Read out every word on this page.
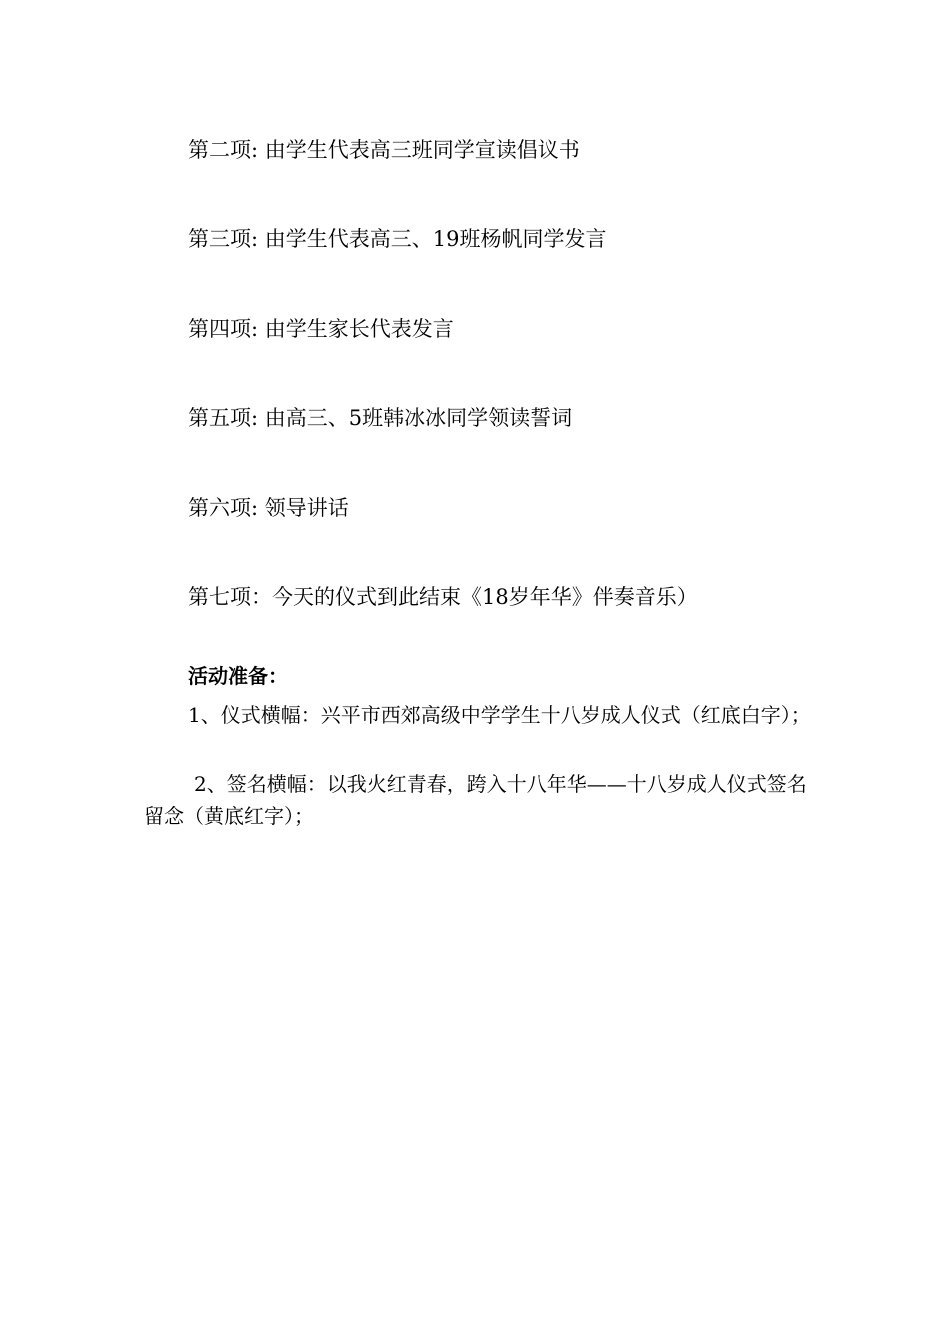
第二项: 由学生代表高三班同学宣读倡议书
第三项: 由学生代表高三、19班杨帆同学发言
第四项: 由学生家长代表发言
第五项: 由高三、5班韩冰冰同学领读誓词
第六项: 领导讲话
第七项：今天的仪式到此结束《18岁年华》伴奏音乐）
活动准备：
1、仪式横幅：兴平市西郊高级中学学生十八岁成人仪式（红底白字）；
2、签名横幅：以我火红青春，跨入十八年华——十八岁成人仪式签名留念（黄底红字）；
